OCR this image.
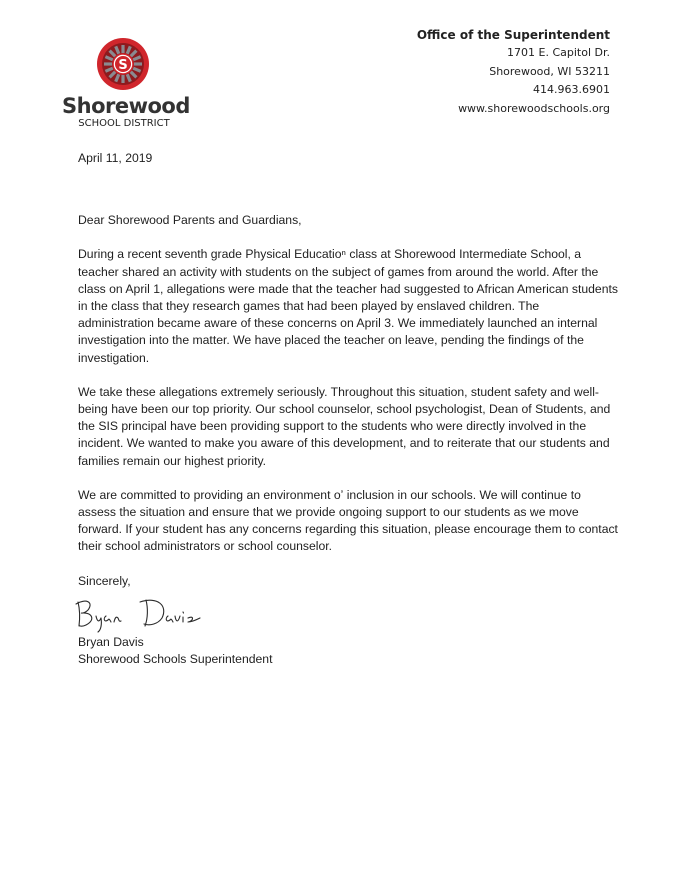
S
Shorewood
SCHOOL DISTRICT
Office of the Superintendent
1701 E. Capitol Dr.
Shorewood, WI 53211
414.963.6901
www.shorewoodschools.org

April 11, 2019

Dear Shorewood Parents and Guardians,

During a recent seventh grade Physical Educatioⁿ class at Shorewood Intermediate School, a teacher shared an activity with students on the subject of games from around the world. After the class on April 1, allegations were made that the teacher had suggested to African American students in the class that they research games that had been played by enslaved children. The administration became aware of these concerns on April 3. We immediately launched an internal investigation into the matter. We have placed the teacher on leave, pending the findings of the investigation.

We take these allegations extremely seriously. Throughout this situation, student safety and well-being have been our top priority. Our school counselor, school psychologist, Dean of Students, and the SIS principal have been providing support to the students who were directly involved in the incident. We wanted to make you aware of this development, and to reiterate that our students and families remain our highest priority.

We are committed to providing an environment oʼ inclusion in our schools. We will continue to assess the situation and ensure that we provide ongoing support to our students as we move forward. If your student has any concerns regarding this situation, please encourage them to contact their school administrators or school counselor.

Sincerely,

Bryan Davis

Shorewood Schools Superintendent
